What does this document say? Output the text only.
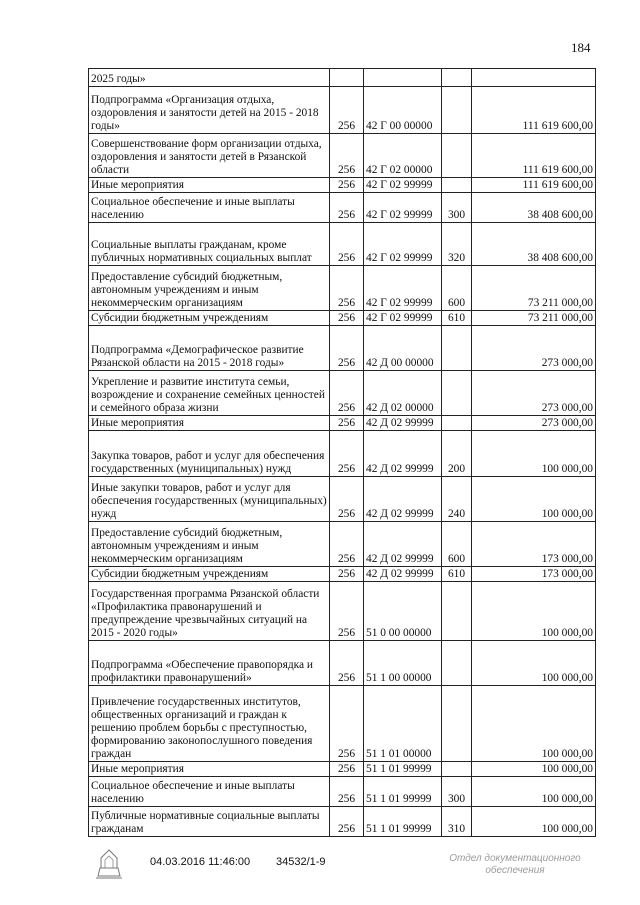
184
2025 годы»				
Подпрограмма «Организация отдыха, оздоровления и занятости детей на 2015 - 2018 годы»	256	42 Г 00 00000		111 619 600,00
Совершенствование форм организации отдыха, оздоровления и занятости детей в Рязанской области	256	42 Г 02 00000		111 619 600,00
Иные мероприятия	256	42 Г 02 99999		111 619 600,00
Социальное обеспечение и иные выплаты населению	256	42 Г 02 99999	300	38 408 600,00
Социальные выплаты гражданам, кроме публичных нормативных социальных выплат	256	42 Г 02 99999	320	38 408 600,00
Предоставление субсидий бюджетным, автономным учреждениям и иным некоммерческим организациям	256	42 Г 02 99999	600	73 211 000,00
Субсидии бюджетным учреждениям	256	42 Г 02 99999	610	73 211 000,00
Подпрограмма «Демографическое развитие Рязанской области на 2015 - 2018 годы»	256	42 Д 00 00000		273 000,00
Укрепление и развитие института семьи, возрождение и сохранение семейных ценностей и семейного образа жизни	256	42 Д 02 00000		273 000,00
Иные мероприятия	256	42 Д 02 99999		273 000,00
Закупка товаров, работ и услуг для обеспечения государственных (муниципальных) нужд	256	42 Д 02 99999	200	100 000,00
Иные закупки товаров, работ и услуг для обеспечения государственных (муниципальных) нужд	256	42 Д 02 99999	240	100 000,00
Предоставление субсидий бюджетным, автономным учреждениям и иным некоммерческим организациям	256	42 Д 02 99999	600	173 000,00
Субсидии бюджетным учреждениям	256	42 Д 02 99999	610	173 000,00
Государственная программа Рязанской области «Профилактика правонарушений и предупреждение чрезвычайных ситуаций на 2015 - 2020 годы»	256	51 0 00 00000		100 000,00
Подпрограмма «Обеспечение правопорядка и профилактики правонарушений»	256	51 1 00 00000		100 000,00
Привлечение государственных институтов, общественных организаций и граждан к решению проблем борьбы с преступностью, формированию законопослушного поведения граждан	256	51 1 01 00000		100 000,00
Иные мероприятия	256	51 1 01 99999		100 000,00
Социальное обеспечение и иные выплаты населению	256	51 1 01 99999	300	100 000,00
Публичные нормативные социальные выплаты гражданам	256	51 1 01 99999	310	100 000,00
04.03.2016 11:46:00 34532/1-9	Отдел документационного обеспечения
